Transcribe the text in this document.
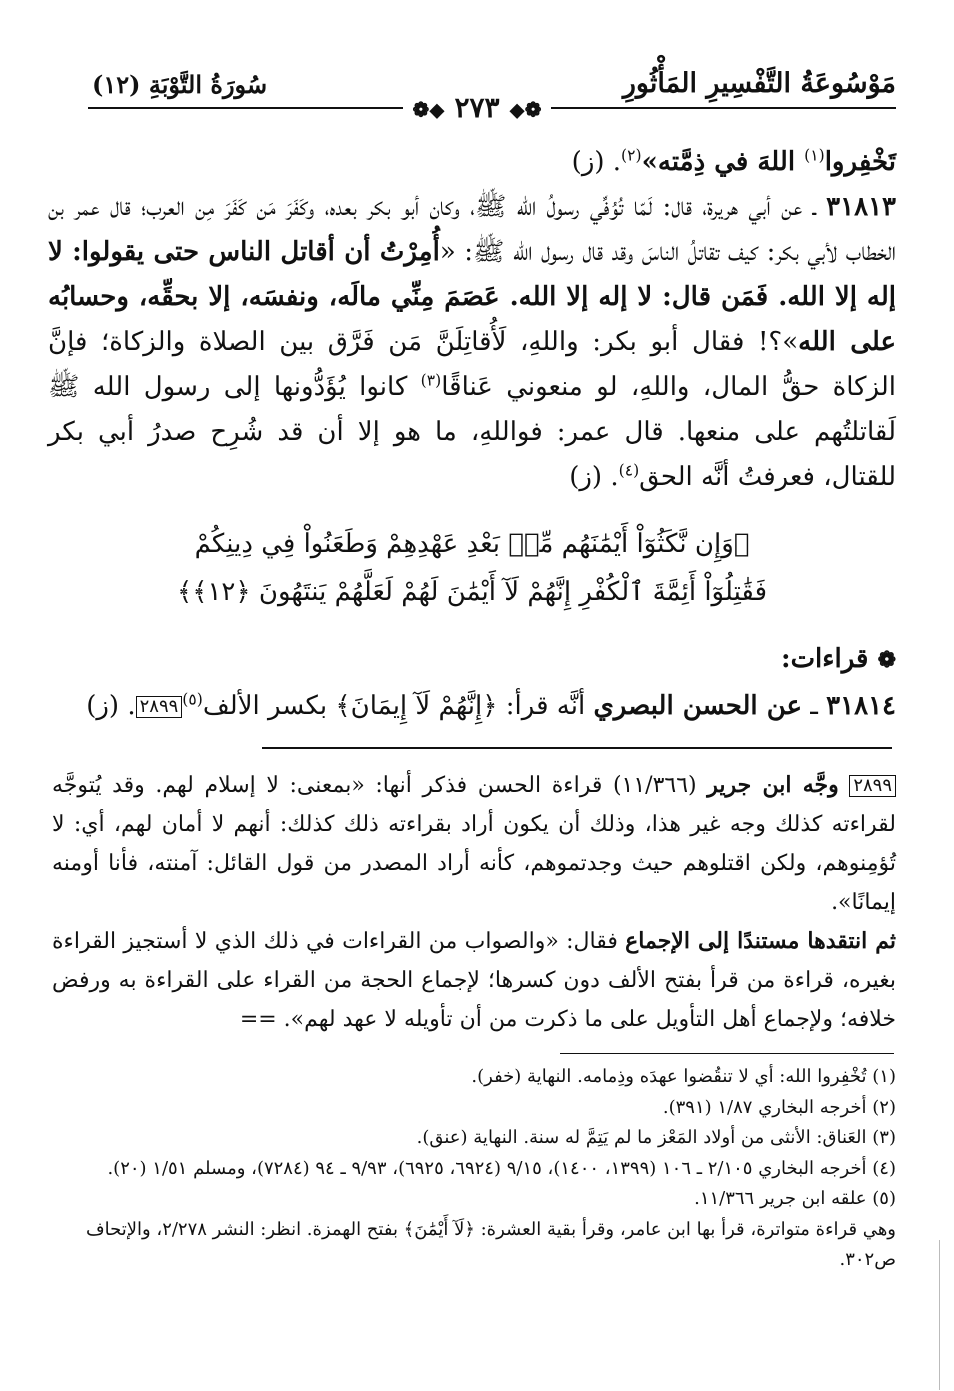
مَوْسُوعَةُ التَّفْسِيرِ المَأْثُورِ
سُورَةُ التَّوْبَةِ (١٢)
❁◆ ٢٧٣ ◆❁

تَخْفِروا$^{(١)}$ اللهَ في ذِمَّته»$^{(٢)}$. (ز)

٣١٨١٣ ـ عن أبي هريرة، قال: لَمّا تُوُفِّي رسولُ الله ﷺ، وكان أبو بكر بعده، وكَفَرَ مَن كَفَرَ مِن العرب؛ قال عمر بن الخطاب لأبي بكر: كيف تقاتلُ الناسَ وقد قال رسول الله ﷺ: «أُمِرْتُ أن أقاتل الناس حتى يقولوا: لا إله إلا الله. فَمَن قال: لا إله إلا الله. عَصَمَ مِنِّي مالَه، ونفسَه، إلا بحقِّه، وحسابُه على الله»؟! فقال أبو بكر: واللهِ، لَأُقاتِلَنَّ مَن فَرَّق بين الصلاة والزكاة؛ فإنَّ الزكاة حقُّ المال، واللهِ، لو منعوني عَناقًا$^{(٣)}$ كانوا يُؤَدُّونها إلى رسول الله ﷺ لَقاتلتُهم على منعها. قال عمر: فواللهِ، ما هو إلا أن قد شُرِح صدرُ أبي بكر للقتال، فعرفتُ أنَّه الحق$^{(٤)}$. (ز)

﴿وَإِن نَّكَثُوٓاْ أَيْمَٰنَهُم مِّنۢ بَعْدِ عَهْدِهِمْ وَطَعَنُواْ فِي دِينِكُمْ
فَقَٰتِلُوٓاْ أَئِمَّةَ ٱلْكُفْرِ إِنَّهُمْ لَآ أَيْمَٰنَ لَهُمْ لَعَلَّهُمْ يَنتَهُونَ ﴿١٢﴾﴾
❁ قراءات:

٣١٨١٤ ـ عن الحسن البصري أنَّه قرأ: ﴿إِنَّهُمْ لَآ إِيمَانَ﴾ بكسر الألف$^{(٥)}$٢٨٩٩. (ز)

٢٨٩٩ وجَّه ابن جرير (١١/٣٦٦) قراءة الحسن فذكر أنها: «بمعنى: لا إسلام لهم. وقد يُتوجَّه لقراءته كذلك وجه غير هذا، وذلك أن يكون أراد بقراءته ذلك كذلك: أنهم لا أمان لهم، أي: لا تُؤمِنوهم، ولكن اقتلوهم حيث وجدتموهم، كأنه أراد المصدر من قول القائل: آمنته، فأنا أومنه إيمانًا».

ثم انتقدها مستندًا إلى الإجماع فقال: «والصواب من القراءات في ذلك الذي لا أستجيز القراءة بغيره، قراءة من قرأ بفتح الألف دون كسرها؛ لإجماع الحجة من القراء على القراءة به ورفض خلافه؛ ولإجماع أهل التأويل على ما ذكرت من أن تأويله لا عهد لهم». ==

(١) تُخْفِروا الله: أي لا تنقُضوا عهدَه وذِمامه. النهاية (خفر).

(٢) أخرجه البخاري ١/٨٧ (٣٩١).

(٣) العَناق: الأنثى من أولاد المَعْز ما لم يَتِمَّ له سنة. النهاية (عنق).

(٤) أخرجه البخاري ٢/١٠٥ ـ ١٠٦ (١٣٩٩، ١٤٠٠)، ٩/١٥ (٦٩٢٤، ٦٩٢٥)، ٩/٩٣ ـ ٩٤ (٧٢٨٤)، ومسلم ١/٥١ (٢٠).

(٥) علقه ابن جرير ١١/٣٦٦.

وهي قراءة متواترة، قرأ بها ابن عامر، وقرأ بقية العشرة: ﴿لَآ أَيْمَٰنَ﴾ بفتح الهمزة. انظر: النشر ٢/٢٧٨، والإتحاف ص٣٠٢.
